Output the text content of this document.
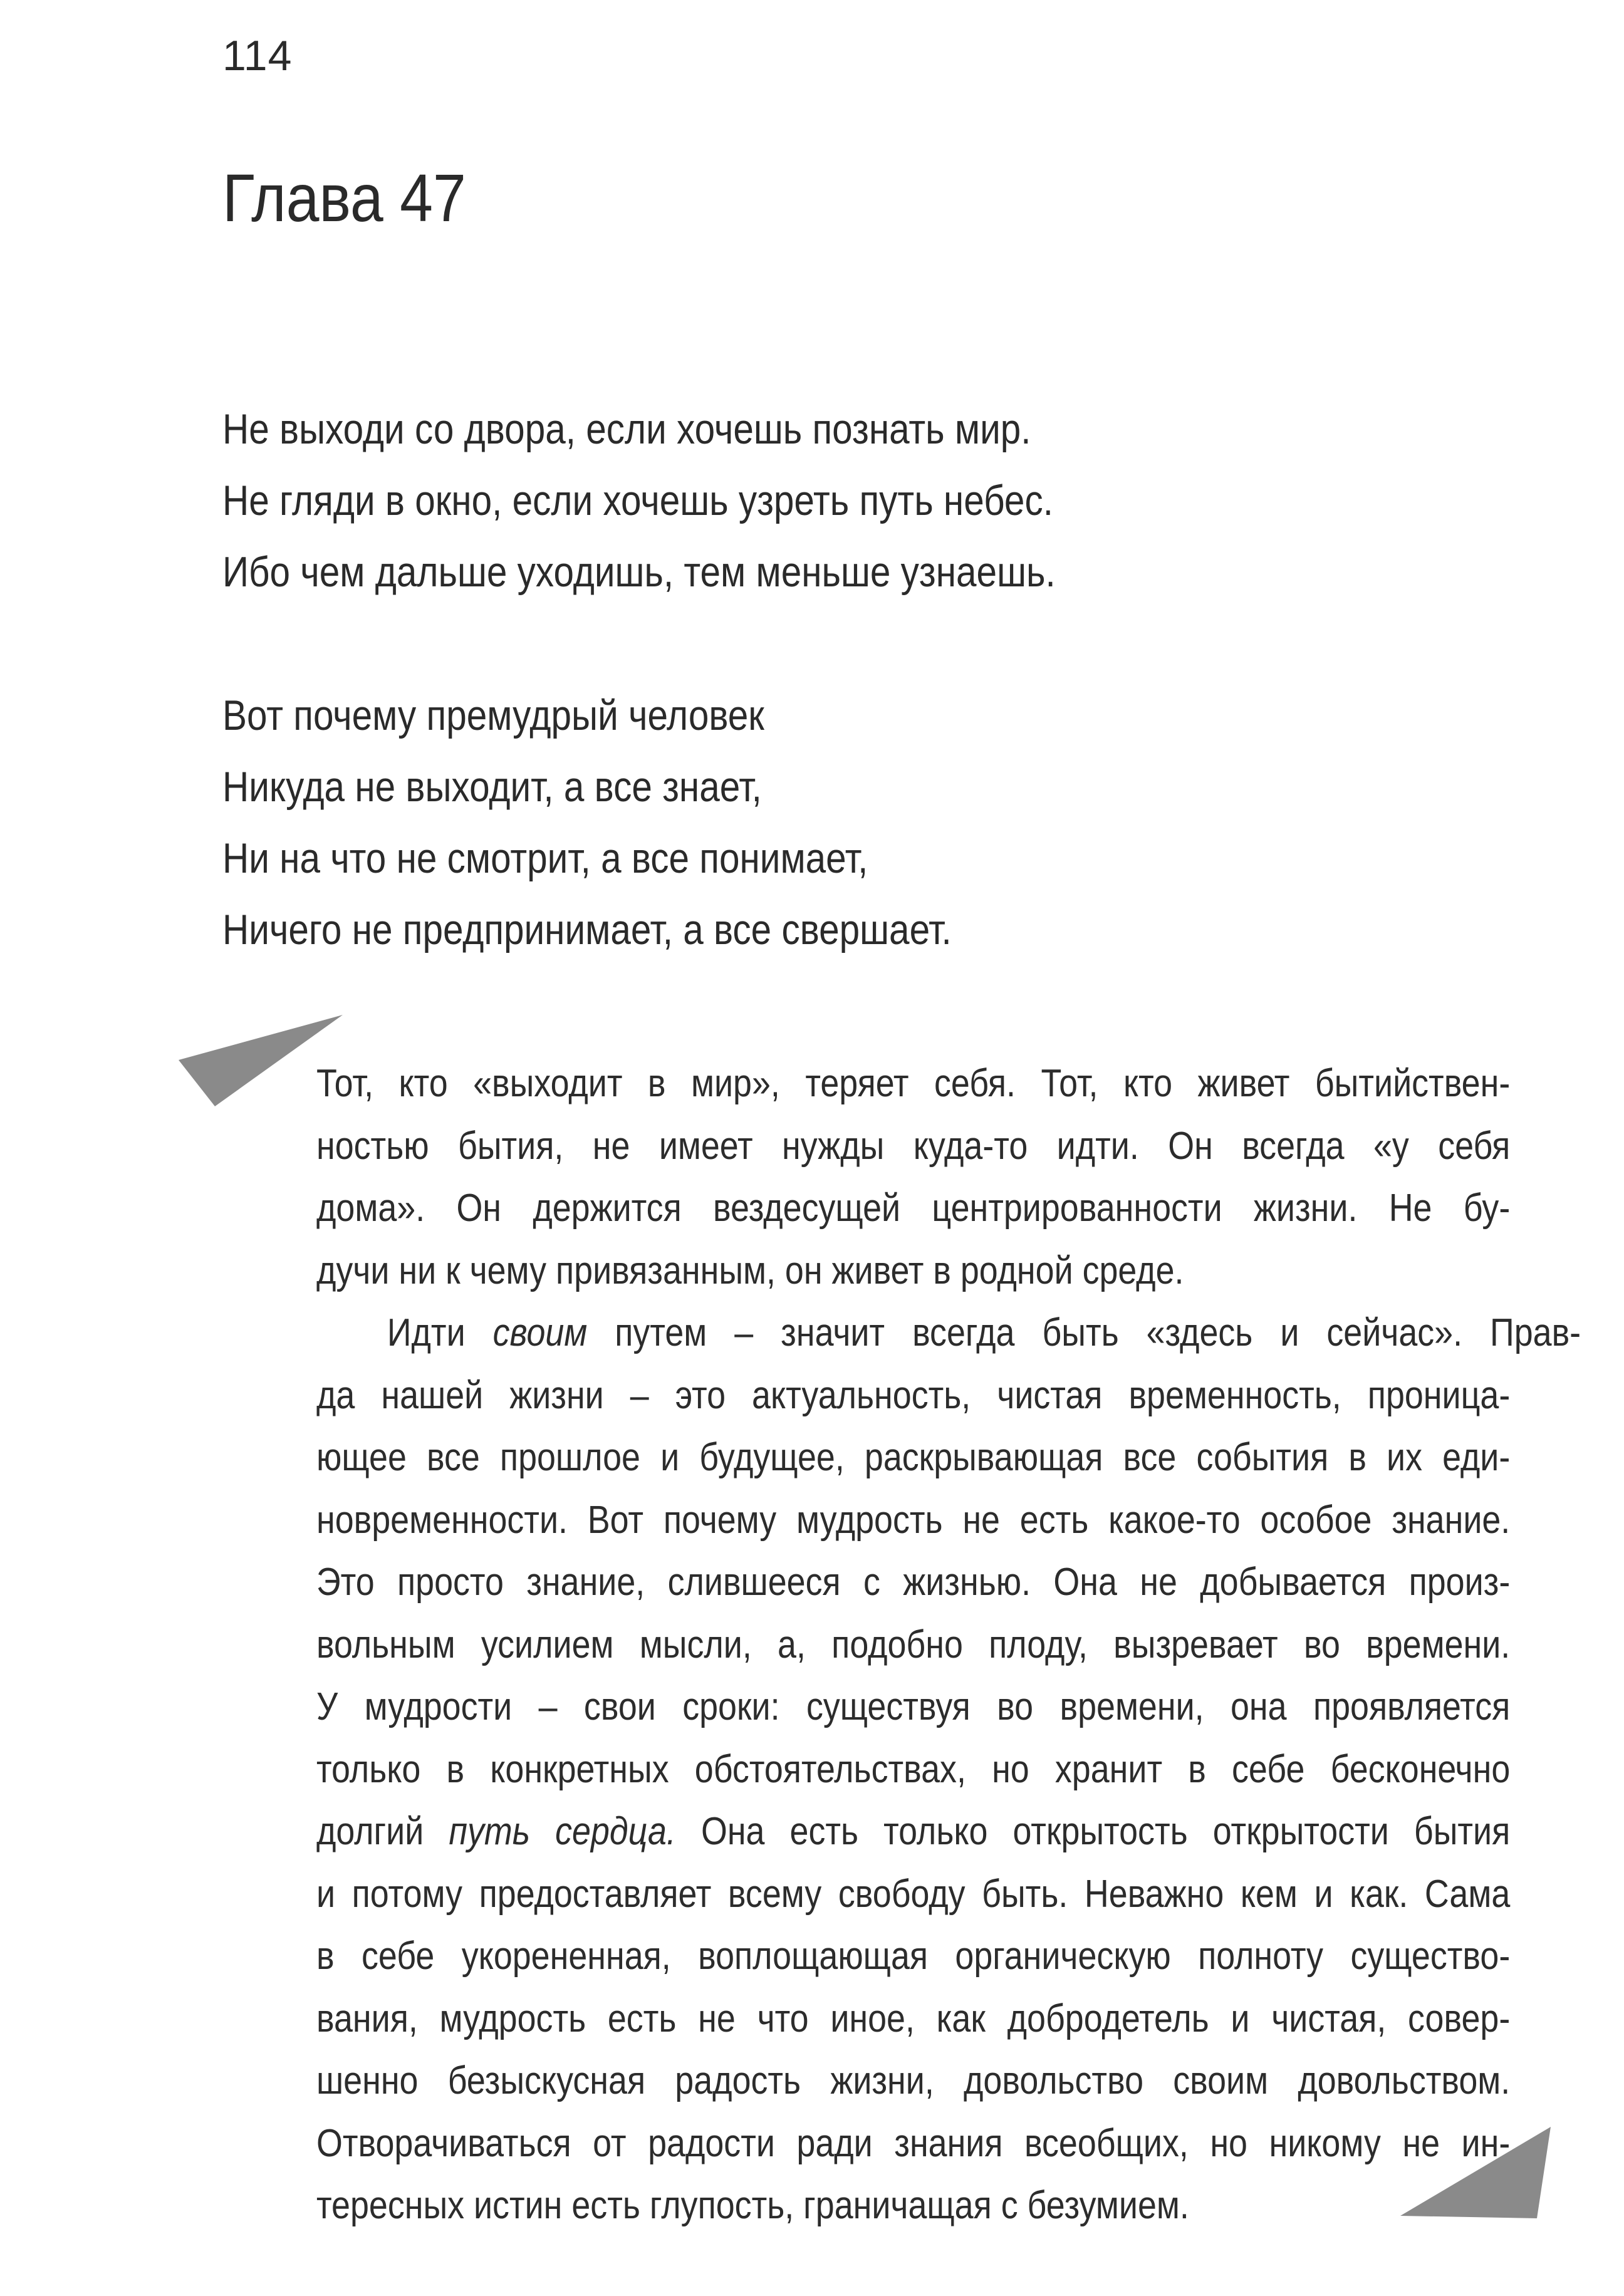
114
Глава 47
Не выходи со двора, если хочешь познать мир.
Не гляди в окно, если хочешь узреть путь небес.
Ибо чем дальше уходишь, тем меньше узнаешь.
Вот почему премудрый человек
Никуда не выходит, а все знает,
Ни на что не смотрит, а все понимает,
Ничего не предпринимает, а все свершает.
Тот, кто «выходит в мир», теряет себя. Тот, кто живет бытийствен-
ностью бытия, не имеет нужды куда-то идти. Он всегда «у себя
дома». Он держится вездесущей центрированности жизни. Не бу-
дучи ни к чему привязанным, он живет в родной среде.
Идти своим путем – значит всегда быть «здесь и сейчас». Прав-
да нашей жизни – это актуальность, чистая временность, проница-
ющее все прошлое и будущее, раскрывающая все события в их еди-
новременности. Вот почему мудрость не есть какое-то особое знание.
Это просто знание, слившееся с жизнью. Она не добывается произ-
вольным усилием мысли, а, подобно плоду, вызревает во времени.
У мудрости – свои сроки: существуя во времени, она проявляется
только в конкретных обстоятельствах, но хранит в себе бесконечно
долгий путь сердца. Она есть только открытость открытости бытия
и потому предоставляет всему свободу быть. Неважно кем и как. Сама
в себе укорененная, воплощающая органическую полноту существо-
вания, мудрость есть не что иное, как добродетель и чистая, совер-
шенно безыскусная радость жизни, довольство своим довольством.
Отворачиваться от радости ради знания всеобщих, но никому не ин-
тересных истин есть глупость, граничащая с безумием.
